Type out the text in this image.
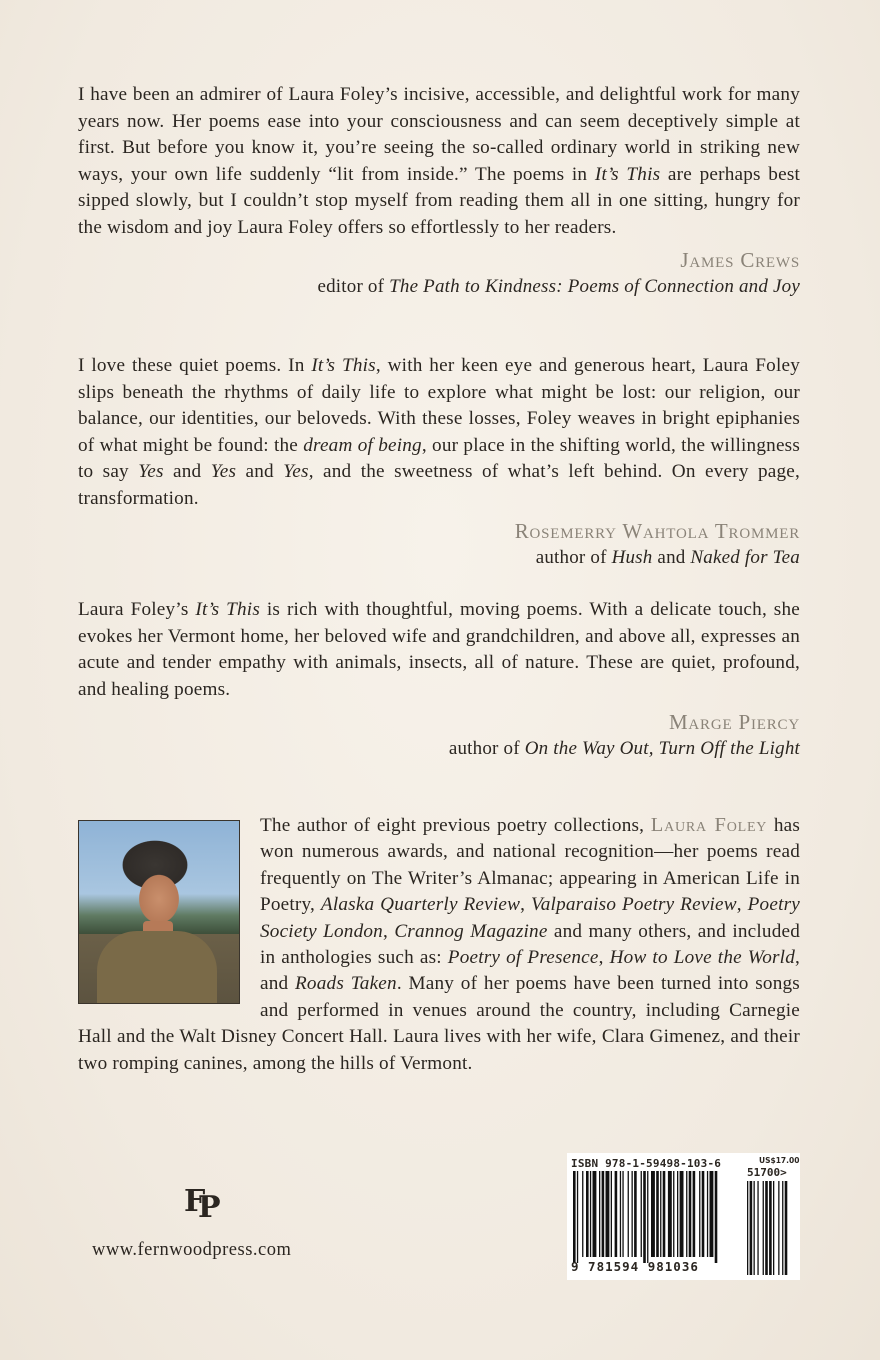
I have been an admirer of Laura Foley’s incisive, accessible, and delightful work for many years now. Her poems ease into your consciousness and can seem deceptively simple at first. But before you know it, you’re seeing the so-called ordinary world in striking new ways, your own life suddenly “lit from inside.” The poems in It’s This are perhaps best sipped slowly, but I couldn’t stop myself from reading them all in one sitting, hungry for the wisdom and joy Laura Foley offers so effortlessly to her readers.

James Crews
editor of The Path to Kindness: Poems of Connection and Joy

I love these quiet poems. In It’s This, with her keen eye and generous heart, Laura Foley slips beneath the rhythms of daily life to explore what might be lost: our religion, our balance, our identities, our beloveds. With these losses, Foley weaves in bright epiphanies of what might be found: the dream of being, our place in the shifting world, the willingness to say Yes and Yes and Yes, and the sweetness of what’s left behind. On every page, transformation.

Rosemerry Wahtola Trommer
author of Hush and Naked for Tea

Laura Foley’s It’s This is rich with thoughtful, moving poems. With a delicate touch, she evokes her Vermont home, her beloved wife and grandchildren, and above all, expresses an acute and tender empathy with animals, insects, all of nature. These are quiet, profound, and healing poems.

Marge Piercy
author of On the Way Out, Turn Off the Light
The author of eight previous poetry collections, Laura Foley has won numerous awards, and national recognition—her poems read frequently on The Writer’s Almanac; appearing in American Life in Poetry, Alaska Quarterly Review, Valparaiso Poetry Review, Poetry Society London, Crannog Magazine and many others, and included in anthologies such as: Poetry of Presence, How to Love the World, and Roads Taken. Many of her poems have been turned into songs and performed in venues around the country, including Carnegie Hall and the Walt Disney Concert Hall. Laura lives with her wife, Clara Gimenez, and their two romping canines, among the hills of Vermont.
F
P
www.fernwoodpress.com
ISBN 978-1-59498-103-6	US$17.00
51700>
9 781594 981036
